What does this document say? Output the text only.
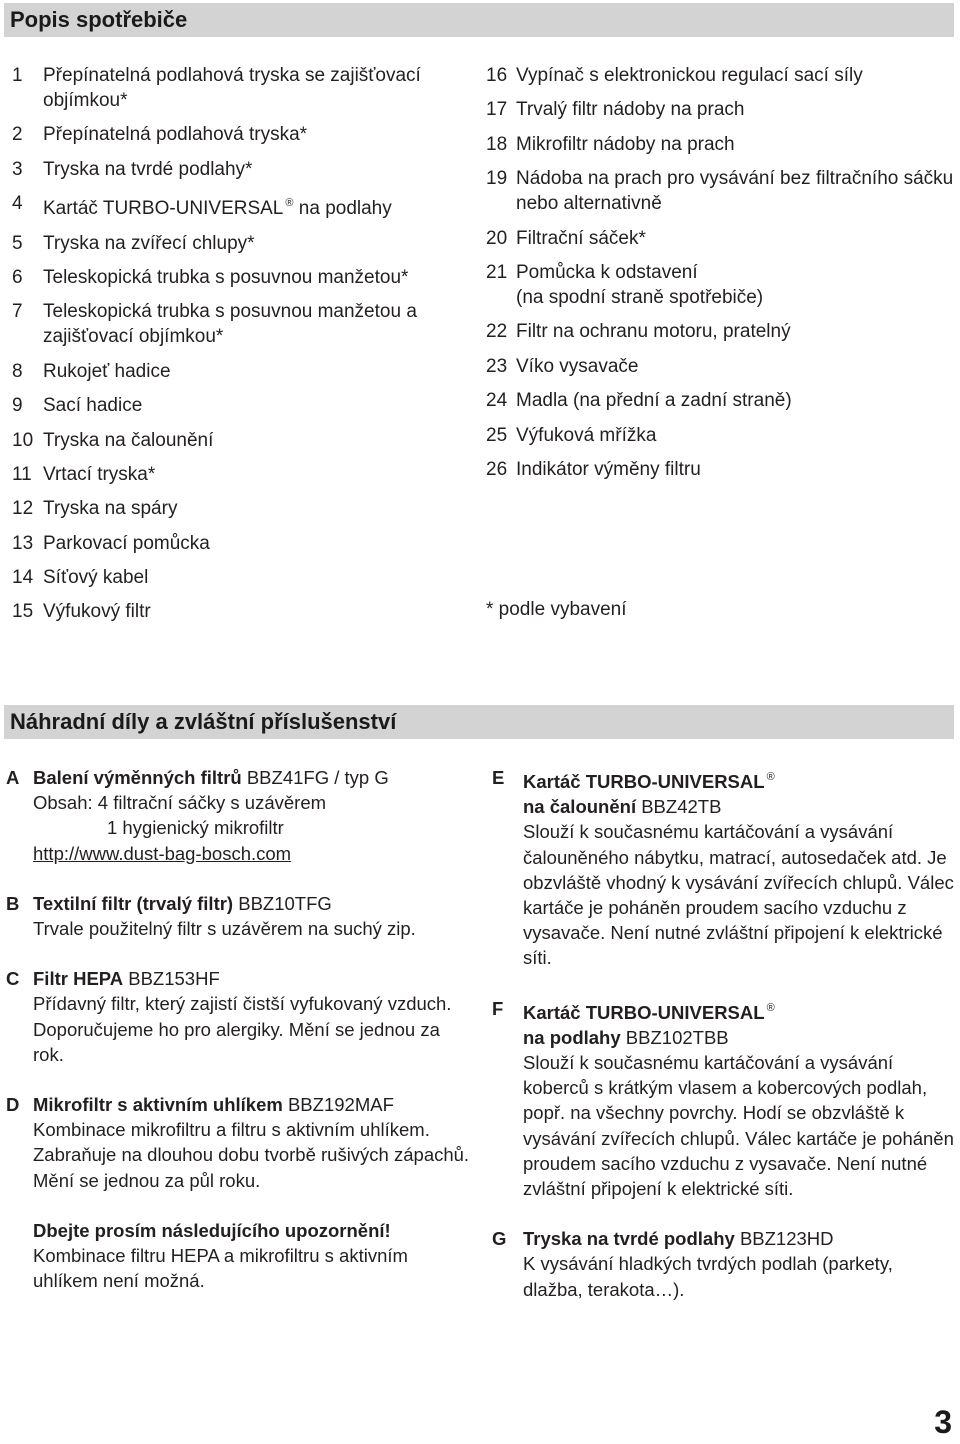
Popis spotřebiče
1	Přepínatelná podlahová tryska se zajišťovací objímkou*
2	Přepínatelná podlahová tryska*
3	Tryska na tvrdé podlahy*
4	Kartáč TURBO-UNIVERSAL ® na podlahy
5	Tryska na zvířecí chlupy*
6	Teleskopická trubka s posuvnou manžetou*
7	Teleskopická trubka s posuvnou manžetou a zajišťovací objímkou*
8	Rukojeť hadice
9	Sací hadice
10 Tryska na čalounění
11 Vrtací tryska*
12 Tryska na spáry
13 Parkovací pomůcka
14 Síťový kabel
15 Výfukový filtr
16 Vypínač s elektronickou regulací sací síly
17 Trvalý filtr nádoby na prach
18 Mikrofiltr nádoby na prach
19 Nádoba na prach pro vysávání bez filtračního sáčku nebo alternativně
20 Filtrační sáček*
21 Pomůcka k odstavení
(na spodní straně spotřebiče)
22 Filtr na ochranu motoru, pratelný
23 Víko vysavače
24 Madla (na přední a zadní straně)
25 Výfuková mřížka
26 Indikátor výměny filtru
* podle vybavení
Náhradní díly a zvláštní příslušenství
A Balení výměnných filtrů BBZ41FG / typ G
Obsah: 4 filtrační sáčky s uzávěrem
1 hygienický mikrofiltr
http://www.dust-bag-bosch.com
B Textilní filtr (trvalý filtr) BBZ10TFG
Trvale použitelný filtr s uzávěrem na suchý zip.
C Filtr HEPA BBZ153HF
Přídavný filtr, který zajistí čistší vyfukovaný vzduch.
Doporučujeme ho pro alergiky. Mění se jednou za rok.
D Mikrofiltr s aktivním uhlíkem BBZ192MAF
Kombinace mikrofiltru a filtru s aktivním uhlíkem. Zabraňuje na dlouhou dobu tvorbě rušivých zápachů. Mění se jednou za půl roku.
Dbejte prosím následujícího upozornění!
Kombinace filtru HEPA a mikrofiltru s aktivním uhlíkem není možná.
E	Kartáč TURBO-UNIVERSAL ®
na čalounění BBZ42TB
Slouží k současnému kartáčování a vysávání čalouněného nábytku, matrací, autosedaček atd. Je obzvláště vhodný k vysávání zvířecích chlupů. Válec kartáče je poháněn proudem sacího vzduchu z vysavače. Není nutné zvláštní připojení k elektrické síti.
F	Kartáč TURBO-UNIVERSAL ®
na podlahy BBZ102TBB
Slouží k současnému kartáčování a vysávání koberců s krátkým vlasem a kobercových podlah, popř. na všechny povrchy. Hodí se obzvláště k vysávání zvířecích chlupů. Válec kartáče je poháněn proudem sacího vzduchu z vysavače. Není nutné zvláštní připojení k elektrické síti.
G Tryska na tvrdé podlahy BBZ123HD
K vysávání hladkých tvrdých podlah (parkety, dlažba, terakota…).
3
